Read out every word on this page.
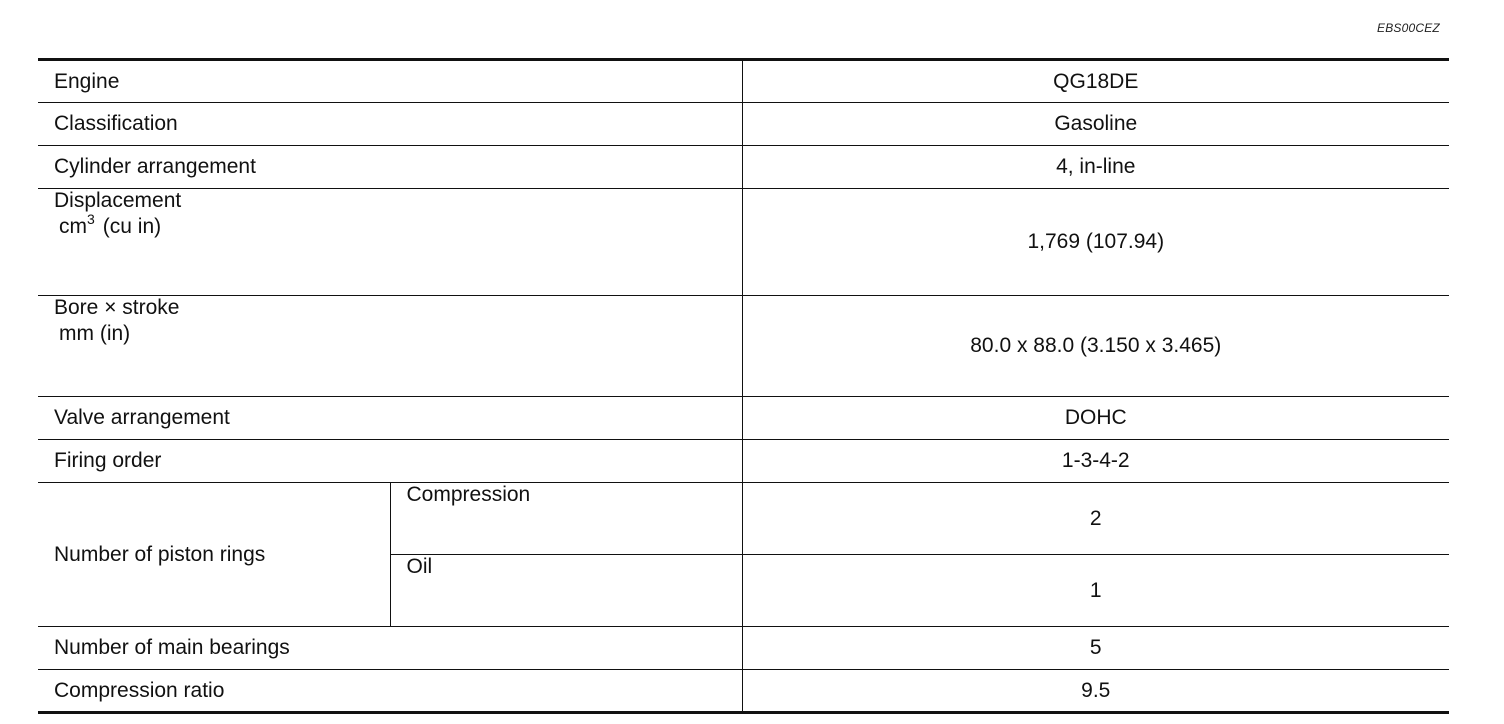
EBS00CEZ
Engine		QG18DE

Classification		Gasoline

Cylinder arrangement		4, in-line

Displacement
$cm^3$ (cu in)		1,769 (107.94)

Bore × stroke
mm (in)		80.0 x 88.0 (3.150 x 3.465)

Valve arrangement		DOHC

Firing order		1-3-4-2

Number of piston rings	Compression	2

	Oil	1

Number of main bearings		5

Compression ratio		9.5
